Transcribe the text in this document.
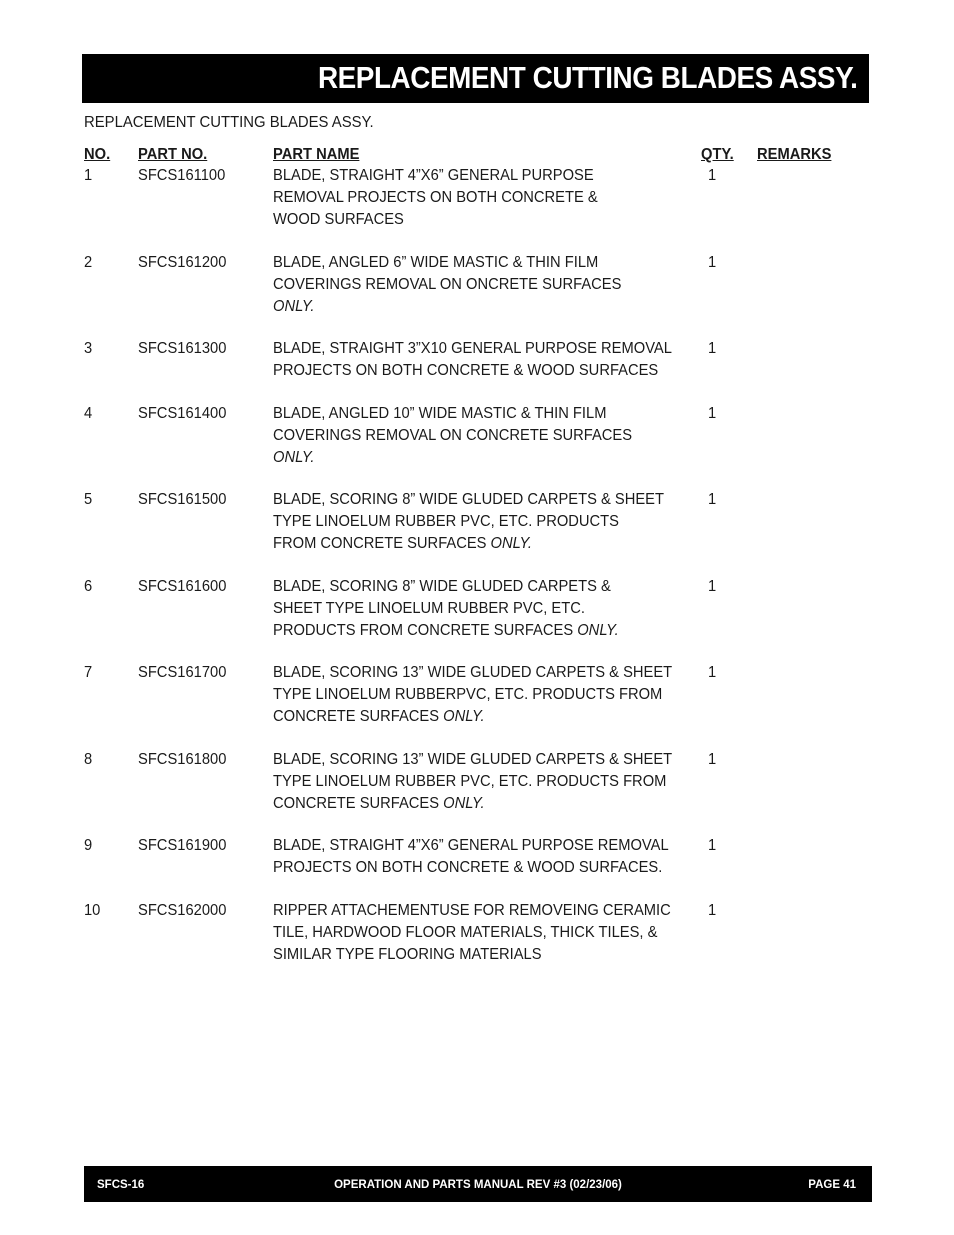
REPLACEMENT CUTTING BLADES ASSY.
REPLACEMENT CUTTING BLADES ASSY.
NO. PART NO.	PART NAME	QTY. REMARKS
1	SFCS161100	BLADE, STRAIGHT 4”X6” GENERAL PURPOSE
REMOVAL PROJECTS ON BOTH CONCRETE &
WOOD SURFACES
1
2	SFCS161200	BLADE, ANGLED 6” WIDE MASTIC & THIN FILM
COVERINGS REMOVAL ON ONCRETE SURFACES
ONLY.
1
3	SFCS161300	BLADE, STRAIGHT 3”X10 GENERAL PURPOSE REMOVAL
PROJECTS ON BOTH CONCRETE & WOOD SURFACES
1
4	SFCS161400	BLADE, ANGLED 10” WIDE MASTIC & THIN FILM
COVERINGS REMOVAL ON CONCRETE SURFACES
ONLY.
1
5	SFCS161500	BLADE, SCORING 8” WIDE GLUDED CARPETS & SHEET
TYPE LINOELUM RUBBER PVC, ETC. PRODUCTS
FROM CONCRETE SURFACES ONLY.
1
6	SFCS161600	BLADE, SCORING 8” WIDE GLUDED CARPETS &
SHEET TYPE LINOELUM RUBBER PVC, ETC.
PRODUCTS FROM CONCRETE SURFACES ONLY.
1
7	SFCS161700	BLADE, SCORING 13” WIDE GLUDED CARPETS & SHEET
TYPE LINOELUM RUBBERPVC, ETC. PRODUCTS FROM
CONCRETE SURFACES ONLY.
1
8	SFCS161800	BLADE, SCORING 13” WIDE GLUDED CARPETS & SHEET
TYPE LINOELUM RUBBER PVC, ETC. PRODUCTS FROM
CONCRETE SURFACES ONLY.
1
9	SFCS161900	BLADE, STRAIGHT 4”X6” GENERAL PURPOSE REMOVAL
PROJECTS ON BOTH CONCRETE & WOOD SURFACES.
1
10 SFCS162000	RIPPER ATTACHEMENTUSE FOR REMOVEING CERAMIC
TILE, HARDWOOD FLOOR MATERIALS, THICK TILES, &
SIMILAR TYPE FLOORING MATERIALS
1
SFCS-16	OPERATION AND PARTS MANUAL REV #3 (02/23/06)	PAGE 41
